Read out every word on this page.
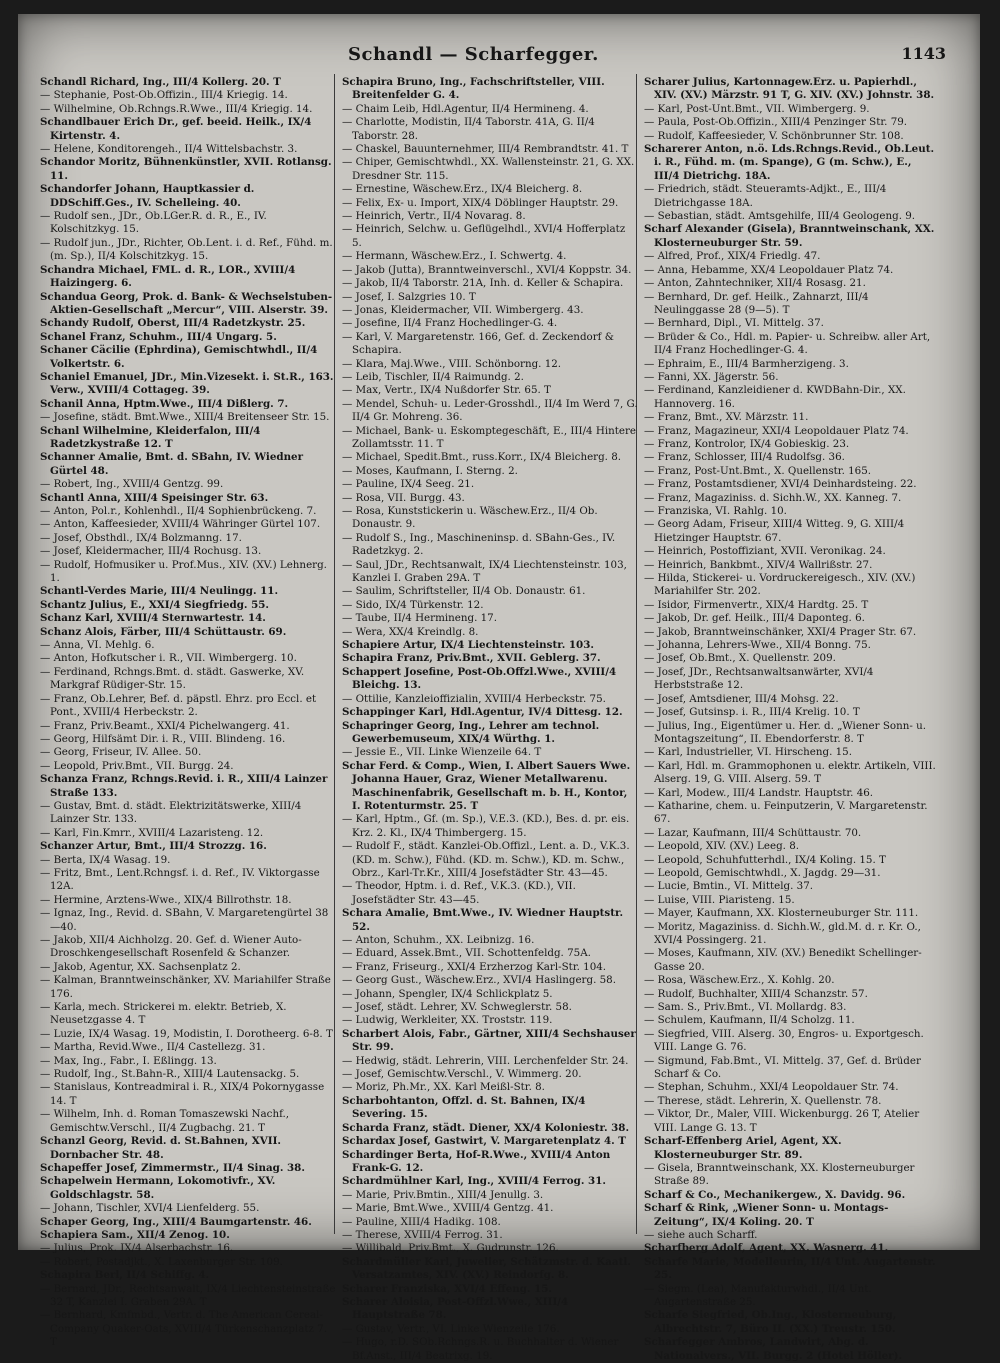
Schandl — Scharfegger.	1143

Schandl Richard, Ing., III/4 Kollerg. 20. T

— Stephanie, Post-Ob.Offizin., III/4 Kriegig. 14.

— Wilhelmine, Ob.Rchngs.R.Wwe., III/4 Kriegig. 14.

Schandlbauer Erich Dr., gef. beeid. Heilk., IX/4 Kirtenstr. 4.

— Helene, Konditorengeh., II/4 Wittelsbachstr. 3.

Schandor Moritz, Bühnenkünstler, XVII. Rotlansg. 11.

Schandorfer Johann, Hauptkassier d. DDSchiff.Ges., IV. Schelleing. 40.

— Rudolf sen., JDr., Ob.LGer.R. d. R., E., IV. Kolschitzkyg. 15.

— Rudolf jun., JDr., Richter, Ob.Lent. i. d. Ref., Fühd. m. (m. Sp.), II/4 Kolschitzkyg. 15.

Schandra Michael, FML. d. R., LOR., XVIII/4 Haizingerg. 6.

Schandua Georg, Prok. d. Bank- & Wechselstuben-Aktien-Gesellschaft „Mercur“, VIII. Alserstr. 39.

Schandy Rudolf, Oberst, III/4 Radetzkystr. 25.

Schanel Franz, Schuhm., III/4 Ungarg. 5.

Schaner Cäcilie (Ephrdina), Gemischtwhdl., II/4 Volkertstr. 6.

Schaniel Emanuel, JDr., Min.Vizesekt. i. St.R., 163. Verw., XVIII/4 Cottageg. 39.

Schanil Anna, Hptm.Wwe., III/4 Dißlerg. 7.

— Josefine, städt. Bmt.Wwe., XIII/4 Breitenseer Str. 15.

Schanl Wilhelmine, Kleiderfalon, III/4 Radetzkystraße 12. T

Schanner Amalie, Bmt. d. SBahn, IV. Wiedner Gürtel 48.

— Robert, Ing., XVIII/4 Gentzg. 99.

Schantl Anna, XIII/4 Speisinger Str. 63.

— Anton, Pol.r., Kohlenhdl., II/4 Sophienbrückeng. 7.

— Anton, Kaffeesieder, XVIII/4 Währinger Gürtel 107.

— Josef, Obsthdl., IX/4 Bolzmanng. 17.

— Josef, Kleidermacher, III/4 Rochusg. 13.

— Rudolf, Hofmusiker u. Prof.Mus., XIV. (XV.) Lehnerg. 1.

Schantl-Verdes Marie, III/4 Neulingg. 11.

Schantz Julius, E., XXI/4 Siegfriedg. 55.

Schanz Karl, XVIII/4 Sternwartestr. 14.

Schanz Alois, Färber, III/4 Schüttaustr. 69.

— Anna, VI. Mehlg. 6.

— Anton, Hofkutscher i. R., VII. Wimbergerg. 10.

— Ferdinand, Rchngs.Bmt. d. städt. Gaswerke, XV. Markgraf Rüdiger-Str. 15.

— Franz, Ob.Lehrer, Bef. d. päpstl. Ehrz. pro Eccl. et Pont., XVIII/4 Herbeckstr. 2.

— Franz, Priv.Beamt., XXI/4 Pichelwangerg. 41.

— Georg, Hilfsämt Dir. i. R., VIII. Blindeng. 16.

— Georg, Friseur, IV. Allee. 50.

— Leopold, Priv.Bmt., VII. Burgg. 24.

Schanza Franz, Rchngs.Revid. i. R., XIII/4 Lainzer Straße 133.

— Gustav, Bmt. d. städt. Elektrizitätswerke, XIII/4 Lainzer Str. 133.

— Karl, Fin.Kmrr., XVIII/4 Lazaristeng. 12.

Schanzer Artur, Bmt., III/4 Strozzg. 16.

— Berta, IX/4 Wasag. 19.

— Fritz, Bmt., Lent.Rchngsf. i. d. Ref., IV. Viktorgasse 12A.

— Hermine, Arztens-Wwe., XIX/4 Billrothstr. 18.

— Ignaz, Ing., Revid. d. SBahn, V. Margaretengürtel 38—40.

— Jakob, XII/4 Aichholzg. 20. Gef. d. Wiener Auto-Droschkengesellschaft Rosenfeld & Schanzer.

— Jakob, Agentur, XX. Sachsenplatz 2.

— Kalman, Branntweinschänker, XV. Mariahilfer Straße 176.

— Karla, mech. Strickerei m. elektr. Betrieb, X. Neusetzgasse 4. T

— Luzie, IX/4 Wasag. 19, Modistin, I. Dorotheerg. 6-8. T

— Martha, Revid.Wwe., II/4 Castellezg. 31.

— Max, Ing., Fabr., I. Eßlingg. 13.

— Rudolf, Ing., St.Bahn-R., XIII/4 Lautensackg. 5.

— Stanislaus, Kontreadmiral i. R., XIX/4 Pokornygasse 14. T

— Wilhelm, Inh. d. Roman Tomaszewski Nachf., Gemischtw.Verschl., II/4 Zugbachg. 21. T

Schanzl Georg, Revid. d. St.Bahnen, XVII. Dornbacher Str. 48.

Schapeffer Josef, Zimmermstr., II/4 Sinag. 38.

Schapelwein Hermann, Lokomotivfr., XV. Goldschlagstr. 58.

— Johann, Tischler, XVI/4 Lienfelderg. 55.

Schaper Georg, Ing., XIII/4 Baumgartenstr. 46.

Schapiera Sam., XII/4 Zenog. 10.

— Julius, Prok. IX/4 Alserbachstr. 16.

— Robert, Postadjkt., X. Laxenburger Str. 109.

Schapira Berl, II/4 Schiffg. 4.

— Bernard, JDr., Rechtsanwalt, IX/4 Liechtensteinstraße 32 T, Kanzlei I. Graben 29A. T

— Bernhard, Kmfmbd., Vertr. d. The American Cereal-Company Quaker-Oats, XVIII/4 Türkenschanzplatz 7. T

Schapira Bruno, Ing., Fachschriftsteller, VIII. Breitenfelder G. 4.

— Chaim Leib, Hdl.Agentur, II/4 Hermineng. 4.

— Charlotte, Modistin, II/4 Taborstr. 41A, G. II/4 Taborstr. 28.

— Chaskel, Bauunternehmer, III/4 Rembrandtstr. 41. T

— Chiper, Gemischtwhdl., XX. Wallensteinstr. 21, G. XX. Dresdner Str. 115.

— Ernestine, Wäschew.Erz., IX/4 Bleicherg. 8.

— Felix, Ex- u. Import, XIX/4 Döblinger Hauptstr. 29.

— Heinrich, Vertr., II/4 Novarag. 8.

— Heinrich, Selchw. u. Geflügelhdl., XVI/4 Hofferplatz 5.

— Hermann, Wäschew.Erz., I. Schwertg. 4.

— Jakob (Jutta), Branntweinverschl., XVI/4 Koppstr. 34.

— Jakob, II/4 Taborstr. 21A, Inh. d. Keller & Schapira.

— Josef, I. Salzgries 10. T

— Jonas, Kleidermacher, VII. Wimbergerg. 43.

— Josefine, II/4 Franz Hochedlinger-G. 4.

— Karl, V. Margaretenstr. 166, Gef. d. Zeckendorf & Schapira.

— Klara, Maj.Wwe., VIII. Schönborng. 12.

— Leib, Tischler, II/4 Raimundg. 2.

— Max, Vertr., IX/4 Nußdorfer Str. 65. T

— Mendel, Schuh- u. Leder-Grosshdl., II/4 Im Werd 7, G. II/4 Gr. Mohreng. 36.

— Michael, Bank- u. Eskomptegeschäft, E., III/4 Hintere Zollamtsstr. 11. T

— Michael, Spedit.Bmt., russ.Korr., IX/4 Bleicherg. 8.

— Moses, Kaufmann, I. Sterng. 2.

— Pauline, IX/4 Seeg. 21.

— Rosa, VII. Burgg. 43.

— Rosa, Kunststickerin u. Wäschew.Erz., II/4 Ob. Donaustr. 9.

— Rudolf S., Ing., Maschineninsp. d. SBahn-Ges., IV. Radetzkyg. 2.

— Saul, JDr., Rechtsanwalt, IX/4 Liechtensteinstr. 103, Kanzlei I. Graben 29A. T

— Saulim, Schriftsteller, II/4 Ob. Donaustr. 61.

— Sido, IX/4 Türkenstr. 12.

— Taube, II/4 Hermineng. 17.

— Wera, XX/4 Kreindlg. 8.

Schapiere Artur, IX/4 Liechtensteinstr. 103.

Schapira Franz, Priv.Bmt., XVII. Geblerg. 37.

Schappert Josefine, Post-Ob.Offzl.Wwe., XVIII/4 Bleichg. 13.

— Ottilie, Kanzleioffizialin, XVIII/4 Herbeckstr. 75.

Schappinger Karl, Hdl.Agentur, IV/4 Dittesg. 12.

Schapringer Georg, Ing., Lehrer am technol. Gewerbemuseum, XIX/4 Würthg. 1.

— Jessie E., VII. Linke Wienzeile 64. T

Schar Ferd. & Comp., Wien, I. Albert Sauers Wwe. Johanna Hauer, Graz, Wiener Metallwarenu. Maschinenfabrik, Gesellschaft m. b. H., Kontor, I. Rotenturmstr. 25. T

— Karl, Hptm., Gf. (m. Sp.), V.E.3. (KD.), Bes. d. pr. eis. Krz. 2. Kl., IX/4 Thimbergerg. 15.

— Rudolf F., städt. Kanzlei-Ob.Offizl., Lent. a. D., V.K.3. (KD. m. Schw.), Fühd. (KD. m. Schw.), KD. m. Schw., Obrz., Karl-Tr.Kr., XIII/4 Josefstädter Str. 43—45.

— Theodor, Hptm. i. d. Ref., V.K.3. (KD.), VII. Josefstädter Str. 43—45.

Schara Amalie, Bmt.Wwe., IV. Wiedner Hauptstr. 52.

— Anton, Schuhm., XX. Leibnizg. 16.

— Eduard, Assek.Bmt., VII. Schottenfeldg. 75A.

— Franz, Friseurg., XXI/4 Erzherzog Karl-Str. 104.

— Georg Gust., Wäschew.Erz., XVI/4 Haslingerg. 58.

— Johann, Spengler, IX/4 Schlickplatz 5.

— Josef, städt. Lehrer, XV. Schweglerstr. 58.

— Ludwig, Werkleiter, XX. Troststr. 119.

Scharbert Alois, Fabr., Gärtner, XIII/4 Sechshauser Str. 99.

— Hedwig, städt. Lehrerin, VIII. Lerchenfelder Str. 24.

— Josef, Gemischtw.Verschl., V. Wimmerg. 20.

— Moriz, Ph.Mr., XX. Karl Meißl-Str. 8.

Scharbohtanton, Offzl. d. St. Bahnen, IX/4 Severing. 15.

Scharda Franz, städt. Diener, XX/4 Koloniestr. 38.

Schardax Josef, Gastwirt, V. Margaretenplatz 4. T

Schardinger Berta, Hof-R.Wwe., XVIII/4 Anton Frank-G. 12.

Schardmühlner Karl, Ing., XVIII/4 Ferrog. 31.

— Marie, Priv.Bmtin., XIII/4 Jenullg. 3.

— Marie, Bmt.Wwe., XVIII/4 Gentzg. 41.

— Pauline, XIII/4 Hadikg. 108.

— Therese, XVIII/4 Ferrog. 31.

— Willibald, Priv.Bmt., X. Gudrunstr. 126.

Schardmüller Karl, Juwelier, Schätzmstr. d. Kaatl. Versatzamtes, XIV. (XV.) Reindorfg. 8.

Scharer Franziska, XVI/4 Effeng. 15.

Scharer Aloisia, Post-Offzl.Wwe., XIII/4 Hauptstraße 78.

— Gustav, Vertr., VI. Linke Wienzeile 176.

— Hugo, r.D. SOb.Rchngs.R. u. Buchhalter d. Wiener Bf.Anst., III/4 Beatrixg. 19.

Scharer Julius, Kartonnagew.Erz. u. Papierhdl., XIV. (XV.) Märzstr. 91 T, G. XIV. (XV.) Johnstr. 38.

— Karl, Post-Unt.Bmt., VII. Wimbergerg. 9.

— Paula, Post-Ob.Offizin., XIII/4 Penzinger Str. 79.

— Rudolf, Kaffeesieder, V. Schönbrunner Str. 108.

Scharerer Anton, n.ö. Lds.Rchngs.Revid., Ob.Leut. i. R., Fühd. m. (m. Spange), G (m. Schw.), E., III/4 Dietrichg. 18A.

— Friedrich, städt. Steueramts-Adjkt., E., III/4 Dietrichgasse 18A.

— Sebastian, städt. Amtsgehilfe, III/4 Geologeng. 9.

Scharf Alexander (Gisela), Branntweinschank, XX. Klosterneuburger Str. 59.

— Alfred, Prof., XIX/4 Friedlg. 47.

— Anna, Hebamme, XX/4 Leopoldauer Platz 74.

— Anton, Zahntechniker, XII/4 Rosasg. 21.

— Bernhard, Dr. gef. Heilk., Zahnarzt, III/4 Neulinggasse 28 (9—5). T

— Bernhard, Dipl., VI. Mittelg. 37.

— Brüder & Co., Hdl. m. Papier- u. Schreibw. aller Art, II/4 Franz Hochedlinger-G. 4.

— Ephraim, E., III/4 Barmherzigeng. 3.

— Fanni, XX. Jägerstr. 56.

— Ferdinand, Kanzleidiener d. KWDBahn-Dir., XX. Hannoverg. 16.

— Franz, Bmt., XV. Märzstr. 11.

— Franz, Magazineur, XXI/4 Leopoldauer Platz 74.

— Franz, Kontrolor, IX/4 Gobieskig. 23.

— Franz, Schlosser, III/4 Rudolfsg. 36.

— Franz, Post-Unt.Bmt., X. Quellenstr. 165.

— Franz, Postamtsdiener, XVI/4 Deinhardsteing. 22.

— Franz, Magaziniss. d. Sichh.W., XX. Kanneg. 7.

— Franziska, VI. Rahlg. 10.

— Georg Adam, Friseur, XIII/4 Witteg. 9, G. XIII/4 Hietzinger Hauptstr. 67.

— Heinrich, Postoffiziant, XVII. Veronikag. 24.

— Heinrich, Bankbmt., XIV/4 Wallrißstr. 27.

— Hilda, Stickerei- u. Vordruckereigesch., XIV. (XV.) Mariahilfer Str. 202.

— Isidor, Firmenvertr., XIX/4 Hardtg. 25. T

— Jakob, Dr. gef. Heilk., III/4 Daponteg. 6.

— Jakob, Branntweinschänker, XXI/4 Prager Str. 67.

— Johanna, Lehrers-Wwe., XII/4 Bonng. 75.

— Josef, Ob.Bmt., X. Quellenstr. 209.

— Josef, JDr., Rechtsanwaltsanwärter, XVI/4 Herbststraße 12.

— Josef, Amtsdiener, III/4 Mohsg. 22.

— Josef, Gutsinsp. i. R., III/4 Krelig. 10. T

— Julius, Ing., Eigentümer u. Her. d. „Wiener Sonn- u. Montagszeitung“, II. Ebendorferstr. 8. T

— Karl, Industrieller, VI. Hirscheng. 15.

— Karl, Hdl. m. Grammophonen u. elektr. Artikeln, VIII. Alserg. 19, G. VIII. Alserg. 59. T

— Karl, Modew., III/4 Landstr. Hauptstr. 46.

— Katharine, chem. u. Feinputzerin, V. Margaretenstr. 67.

— Lazar, Kaufmann, III/4 Schüttaustr. 70.

— Leopold, XIV. (XV.) Leeg. 8.

— Leopold, Schuhfutterhdl., IX/4 Koling. 15. T

— Leopold, Gemischtwhdl., X. Jagdg. 29—31.

— Lucie, Bmtin., VI. Mittelg. 37.

— Luise, VIII. Piaristeng. 15.

— Mayer, Kaufmann, XX. Klosterneuburger Str. 111.

— Moritz, Magaziniss. d. Sichh.W., gld.M. d. r. Kr. O., XVI/4 Possingerg. 21.

— Moses, Kaufmann, XIV. (XV.) Benedikt Schellinger-Gasse 20.

— Rosa, Wäschew.Erz., X. Kohlg. 20.

— Rudolf, Buchhalter, XIII/4 Schanzstr. 57.

— Sam. S., Priv.Bmt., VI. Mollardg. 83.

— Schulem, Kaufmann, II/4 Scholzg. 11.

— Siegfried, VIII. Alserg. 30, Engros- u. Exportgesch. VIII. Lange G. 76.

— Sigmund, Fab.Bmt., VI. Mittelg. 37, Gef. d. Brüder Scharf & Co.

— Stephan, Schuhm., XXI/4 Leopoldauer Str. 74.

— Therese, städt. Lehrerin, X. Quellenstr. 78.

— Viktor, Dr., Maler, VIII. Wickenburgg. 26 T, Atelier VIII. Lange G. 13. T

Scharf-Effenberg Ariel, Agent, XX. Klosterneuburger Str. 89.

— Gisela, Branntweinschank, XX. Klosterneuburger Straße 89.

Scharf & Co., Mechanikergew., X. Davidg. 96.

Scharf & Rink, „Wiener Sonn- u. Montags-Zeitung“, IX/4 Koling. 20. T

— siehe auch Scharff.

Scharfberg Adolf, Agent, XX. Wasnerg. 41.

Scharfe Marie, Modelleurin, II/4 Unt. Augartenstr. 25.

— Siegm. (Lea), Manufakturwhdl., II/4 Unt. Augartenstraße 25.

Scharfe Siegfried, Ob.Ing., Klosterneuburg, Albrechtstr. 7, Büro II. (XX.) Treustr. 150.

Scharfegger Ambros, Landwirt, Abg. d. Nationalvers., VII. Burgg. 2 (Hotel Höller).
